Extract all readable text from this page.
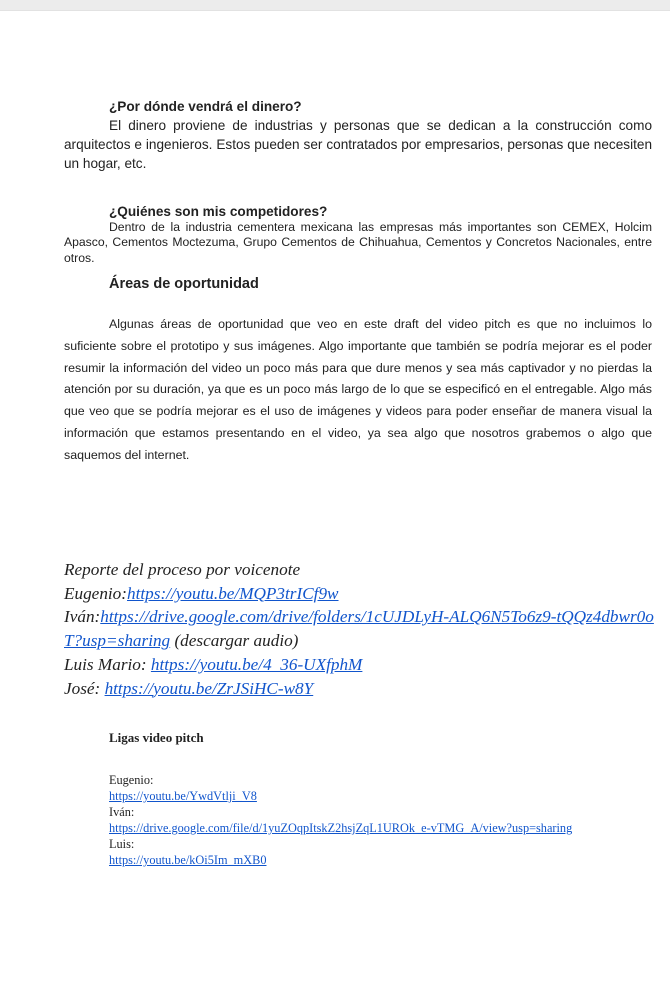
¿Por dónde vendrá el dinero?
El dinero proviene de industrias y personas que se dedican a la construcción como arquitectos e ingenieros. Estos pueden ser contratados por empresarios, personas que necesiten un hogar, etc.
¿Quiénes son mis competidores?
Dentro de la industria cementera mexicana las empresas más importantes son CEMEX, Holcim Apasco, Cementos Moctezuma, Grupo Cementos de Chihuahua, Cementos y Concretos Nacionales, entre otros.
Áreas de oportunidad
Algunas áreas de oportunidad que veo en este draft del video pitch es que no incluimos lo suficiente sobre el prototipo y sus imágenes. Algo importante que también se podría mejorar es el poder resumir la información del video un poco más para que dure menos y sea más captivador y no pierdas la atención por su duración, ya que es un poco más largo de lo que se especificó en el entregable. Algo más que veo que se podría mejorar es el uso de imágenes y videos para poder enseñar de manera visual la información que estamos presentando en el video, ya sea algo que nosotros grabemos o algo que saquemos del internet.
Reporte del proceso por voicenote
Eugenio:https://youtu.be/MQP3trICf9w
Iván:https://drive.google.com/drive/folders/1cUJDLyH-ALQ6N5To6z9-tQQz4dbwr0oT?usp=sharing (descargar audio)
Luis Mario: https://youtu.be/4_36-UXfphM
José: https://youtu.be/ZrJSiHC-w8Y
Ligas video pitch
Eugenio:
https://youtu.be/YwdVtlji_V8
Iván:
https://drive.google.com/file/d/1yuZOqpItskZ2hsjZqL1UROk_e-vTMG_A/view?usp=sharing
Luis:
https://youtu.be/kOi5Im_mXB0
